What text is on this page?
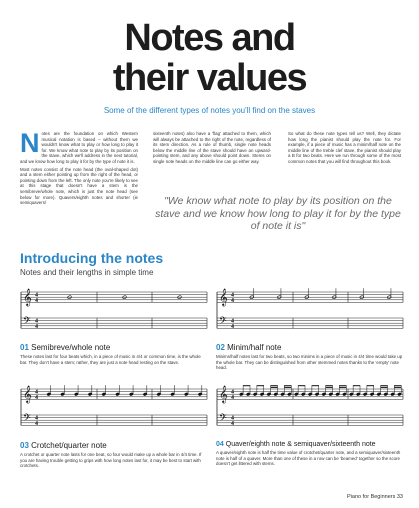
Notes and
their values
Some of the different types of notes you'll find on the staves

Notes are the foundation on which Western musical notation is based – without them we wouldn't know what to play or how long to play it for. We know what note to play by its position on the stave, which we'll address in the next tutorial, and we know how long to play it for by the type of note it is.

Most notes consist of the note head (the oval-shaped dot) and a stem either pointing up from the right of the head, or pointing down from the left. The only note you're likely to see at this stage that doesn't have a stem is the semibreve/whole note, which is just the note head (see below for more). Quavers/eighth notes and shorter (ie semiquavers/

sixteenth notes) also have a 'flag' attached to them, which will always be attached to the right of the note, regardless of its stem direction. As a rule of thumb, single note heads below the middle line of the stave should have an upward-pointing stem, and any above should point down. Stems on single note heads on the middle line can go either way.

So what do these note types tell us? Well, they dictate how long the pianist should play the note for. For example, if a piece of music has a minim/half note on the middle line of the treble clef stave, the pianist should play a B for two beats. Here we run through some of the most common notes that you will find throughout this book.

"We know what note to play by its position on the stave and we know how long to play it for by the type of note it is"
Introducing the notes
Notes and their lengths in simple time
𝄞
𝄢
4
4
4
4
𝄞
𝄢
4
4
4
4
𝄞
𝄢
4
4
4
4
𝄞
𝄢
4
4
4
4
01 Semibreve/whole note
These notes last for four beats which, in a piece of music in 4/4 or common time, is the whole bar. They don't have a stem; rather, they are just a note head resting on the stave.
02 Minim/half note
Minims/half notes last for two beats, so two minims in a piece of music in 4/4 time would take up the whole bar. They can be distinguished from other stemmed notes thanks to the 'empty' note head.
03 Crotchet/quarter note
A crotchet or quarter note lasts for one beat, so four would make up a whole bar in 4/4 time. If you are having trouble getting to grips with how long notes last for, it may be best to start with crotchets.
04 Quaver/eighth note & semiquaver/sixteenth note
A quaver/eighth note is half the time value of crotchet/quarter note, and a semiquaver/sixteenth note is half of a quaver. More than one of these in a row can be 'beamed' together so the score doesn't get littered with stems.
Piano for Beginners 33
